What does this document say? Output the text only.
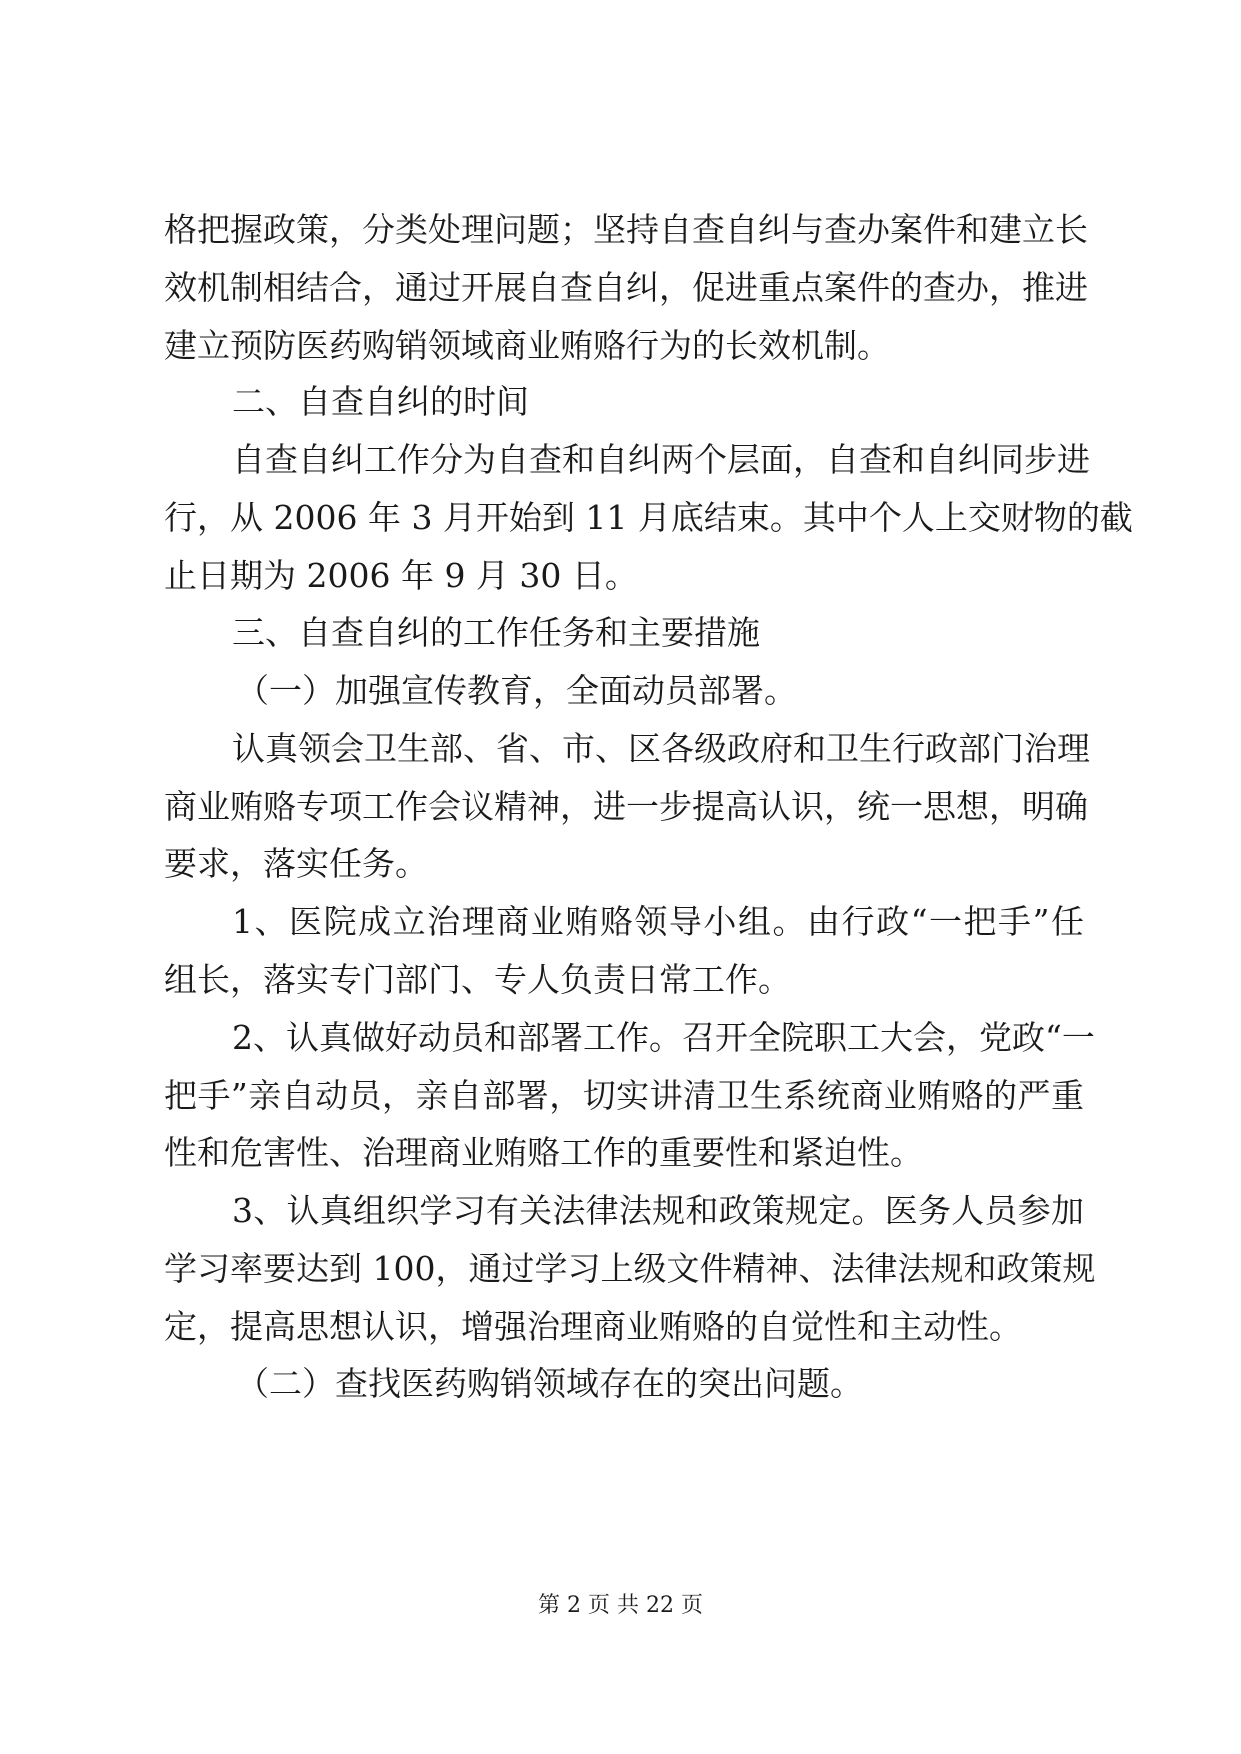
格把握政策，分类处理问题；坚持自查自纠与查办案件和建立长

效机制相结合，通过开展自查自纠，促进重点案件的查办，推进

建立预防医药购销领域商业贿赂行为的长效机制。

二、自查自纠的时间

自查自纠工作分为自查和自纠两个层面，自查和自纠同步进

行，从 2006 年 3 月开始到 11 月底结束。其中个人上交财物的截

止日期为 2006 年 9 月 30 日。

三、自查自纠的工作任务和主要措施

（一）加强宣传教育，全面动员部署。

认真领会卫生部、省、市、区各级政府和卫生行政部门治理

商业贿赂专项工作会议精神，进一步提高认识，统一思想，明确

要求，落实任务。

1、医院成立治理商业贿赂领导小组。由行政“一把手”任

组长，落实专门部门、专人负责日常工作。

2、认真做好动员和部署工作。召开全院职工大会，党政“一

把手”亲自动员，亲自部署，切实讲清卫生系统商业贿赂的严重

性和危害性、治理商业贿赂工作的重要性和紧迫性。

3、认真组织学习有关法律法规和政策规定。医务人员参加

学习率要达到 100，通过学习上级文件精神、法律法规和政策规

定，提高思想认识，增强治理商业贿赂的自觉性和主动性。

（二）查找医药购销领域存在的突出问题。

第 2 页 共 22 页
